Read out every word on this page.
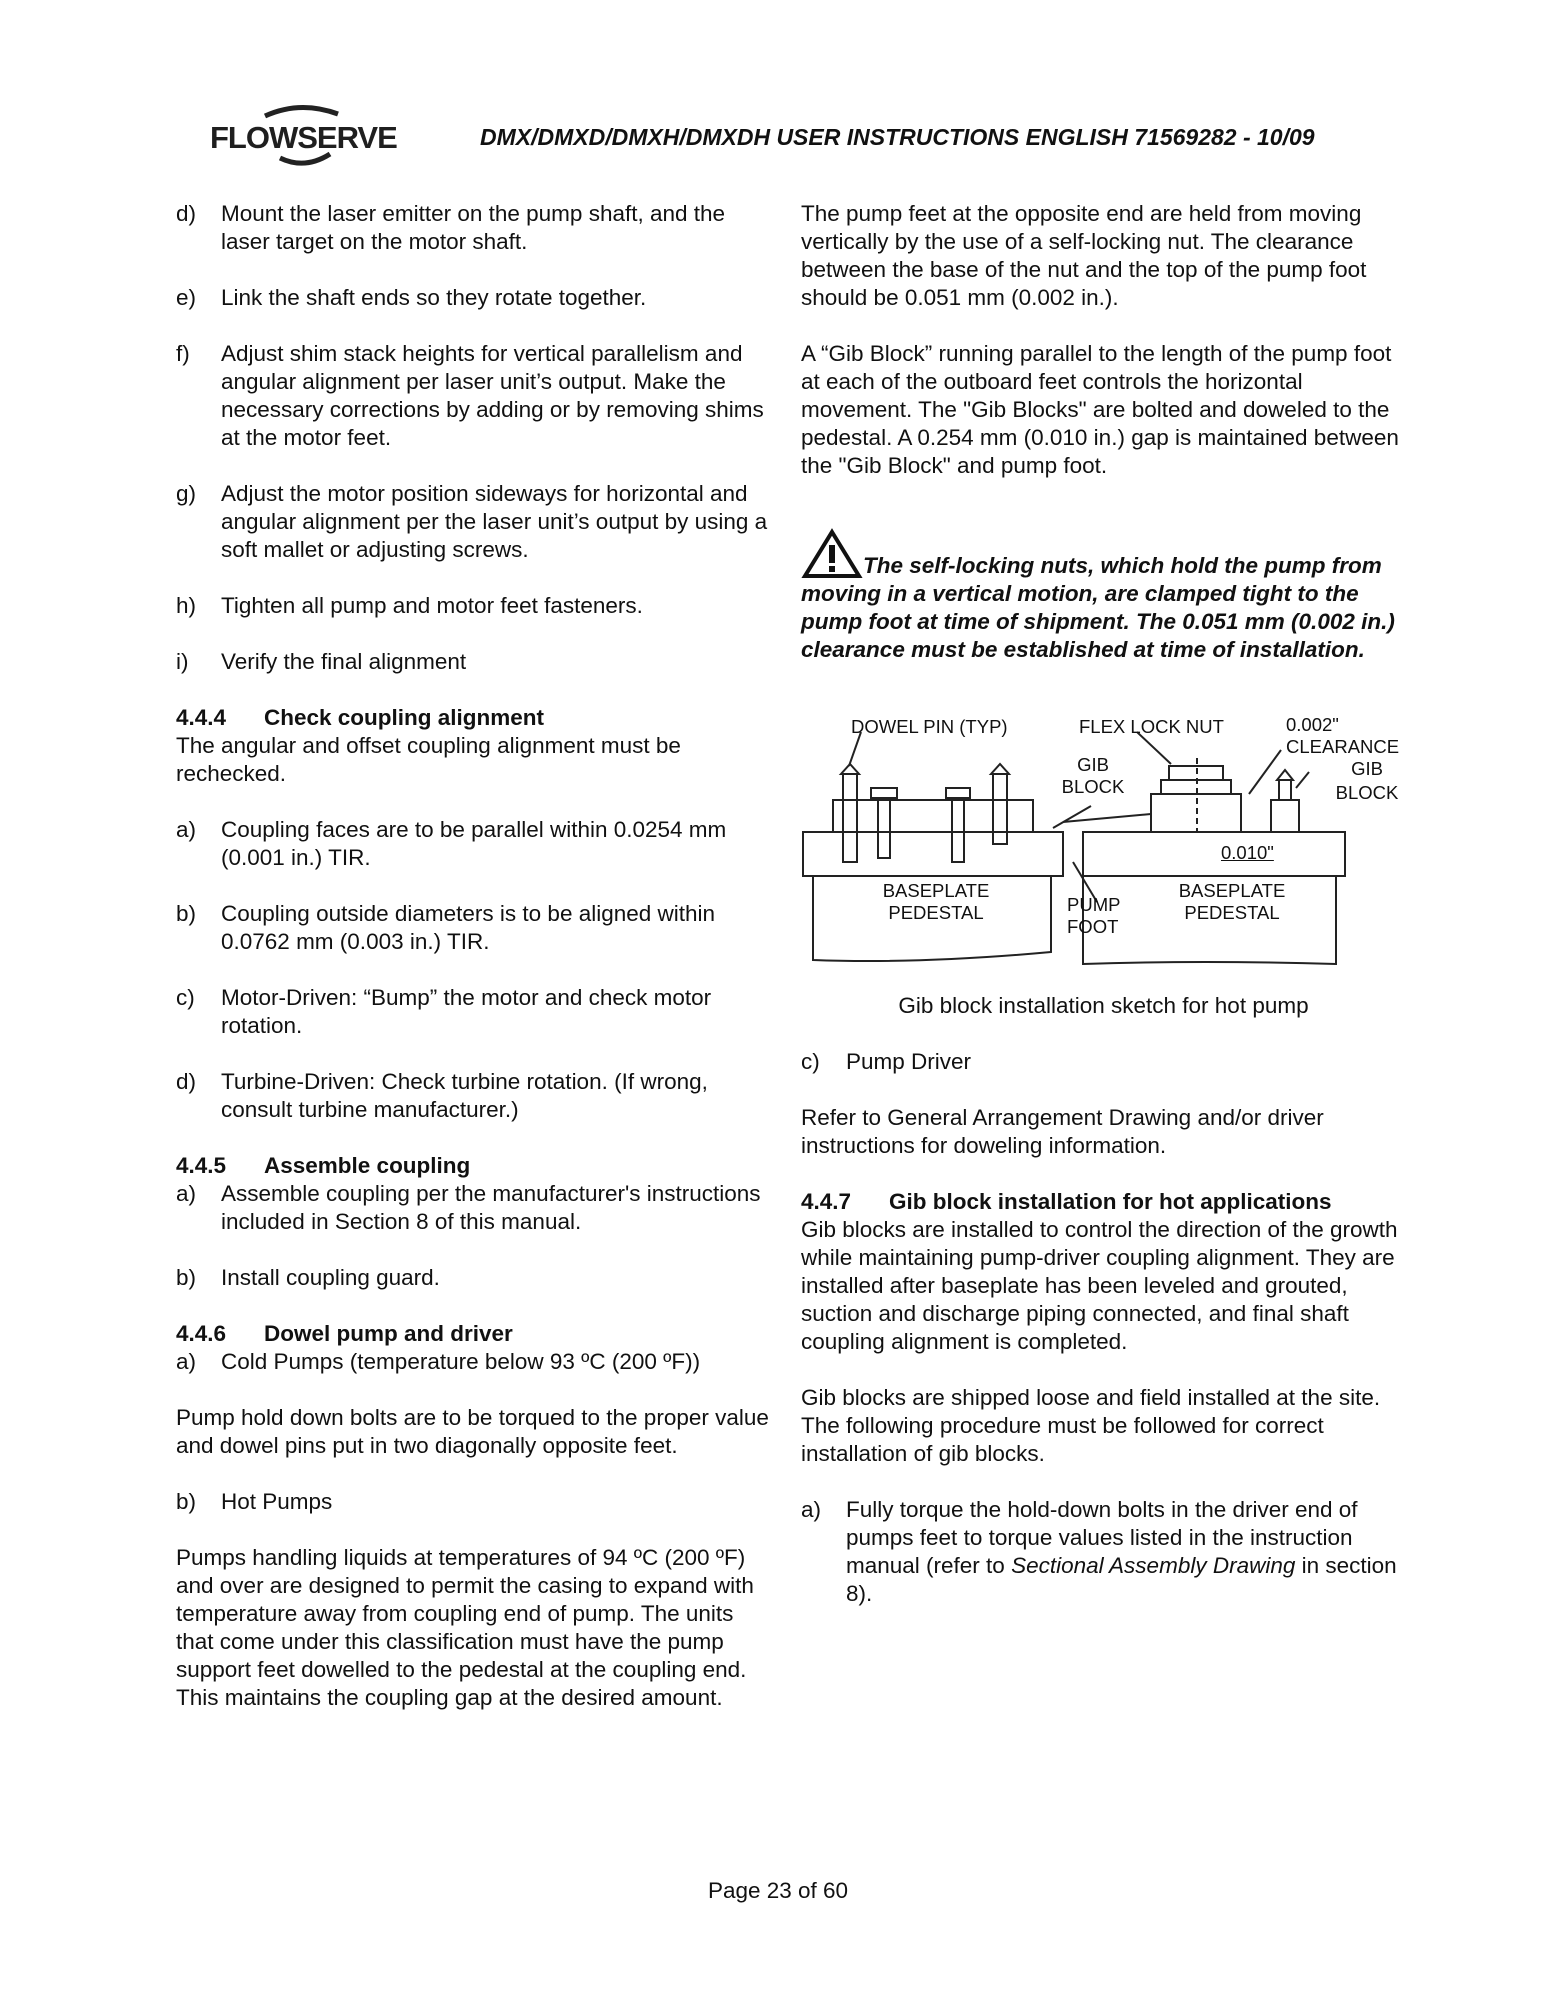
FLOWSERVE	DMX/DMXD/DMXH/DMXDH USER INSTRUCTIONS ENGLISH 71569282 - 10/09
d) Mount the laser emitter on the pump shaft, and the laser target on the motor shaft.
e) Link the shaft ends so they rotate together.
f) Adjust shim stack heights for vertical parallelism and angular alignment per laser unit’s output. Make the necessary corrections by adding or by removing shims at the motor feet.
g) Adjust the motor position sideways for horizontal and angular alignment per the laser unit’s output by using a soft mallet or adjusting screws.
h) Tighten all pump and motor feet fasteners.
i) Verify the final alignment
4.4.4 Check coupling alignment

The angular and offset coupling alignment must be rechecked.

a) Coupling faces are to be parallel within 0.0254 mm (0.001 in.) TIR.
b) Coupling outside diameters is to be aligned within 0.0762 mm (0.003 in.) TIR.
c) Motor-Driven: “Bump” the motor and check motor rotation.
d) Turbine-Driven: Check turbine rotation. (If wrong, consult turbine manufacturer.)
4.4.5 Assemble coupling
a) Assemble coupling per the manufacturer's instructions included in Section 8 of this manual.
b) Install coupling guard.
4.4.6 Dowel pump and driver
a) Cold Pumps (temperature below 93 ºC (200 ºF))

Pump hold down bolts are to be torqued to the proper value and dowel pins put in two diagonally opposite feet.

b) Hot Pumps

Pumps handling liquids at temperatures of 94 ºC (200 ºF) and over are designed to permit the casing to expand with temperature away from coupling end of pump. The units that come under this classification must have the pump support feet dowelled to the pedestal at the coupling end. This maintains the coupling gap at the desired amount.

The pump feet at the opposite end are held from moving vertically by the use of a self-locking nut. The clearance between the base of the nut and the top of the pump foot should be 0.051 mm (0.002 in.).

A “Gib Block” running parallel to the length of the pump foot at each of the outboard feet controls the horizontal movement. The "Gib Blocks" are bolted and doweled to the pedestal. A 0.254 mm (0.010 in.) gap is maintained between the "Gib Block" and pump foot.

The self-locking nuts, which hold the pump from moving in a vertical motion, are clamped tight to the pump foot at time of shipment. The 0.051 mm (0.002 in.) clearance must be established at time of installation.
DOWEL PIN (TYP)	FLEX LOCK NUT	0.002"
CLEARANCE
GIB
BLOCK
GIB
BLOCK
0.010"
BASEPLATE
PEDESTAL	PUMP
FOOT
BASEPLATE
PEDESTAL
Gib block installation sketch for hot pump
c) Pump Driver

Refer to General Arrangement Drawing and/or driver instructions for doweling information.

4.4.7 Gib block installation for hot applications

Gib blocks are installed to control the direction of the growth while maintaining pump-driver coupling alignment. They are installed after baseplate has been leveled and grouted, suction and discharge piping connected, and final shaft coupling alignment is completed.

Gib blocks are shipped loose and field installed at the site. The following procedure must be followed for correct installation of gib blocks.

a) Fully torque the hold-down bolts in the driver end of pumps feet to torque values listed in the instruction manual (refer to Sectional Assembly Drawing in section 8).
Page 23 of 60
